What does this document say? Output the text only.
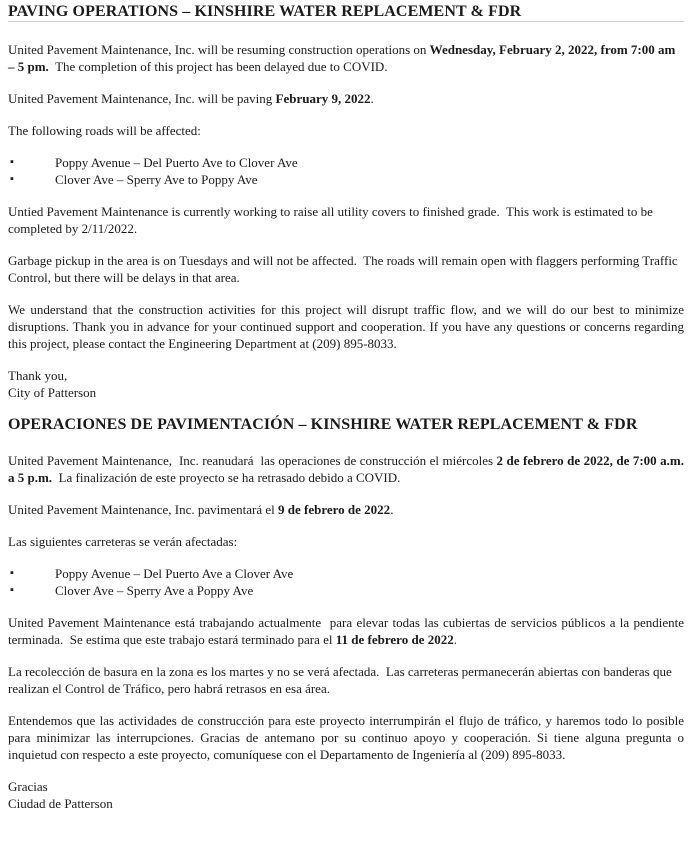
PAVING OPERATIONS – KINSHIRE WATER REPLACEMENT & FDR

United Pavement Maintenance, Inc. will be resuming construction operations on Wednesday, February 2, 2022, from 7:00 am – 5 pm.  The completion of this project has been delayed due to COVID.

United Pavement Maintenance, Inc. will be paving February 9, 2022.

The following roads will be affected:

▪	Poppy Avenue – Del Puerto Ave to Clover Ave
▪	Clover Ave – Sperry Ave to Poppy Ave

Untied Pavement Maintenance is currently working to raise all utility covers to finished grade.  This work is estimated to be completed by 2/11/2022.

Garbage pickup in the area is on Tuesdays and will not be affected.  The roads will remain open with flaggers performing Traffic Control, but there will be delays in that area.

We understand that the construction activities for this project will disrupt traffic flow, and we will do our best to minimize disruptions. Thank you in advance for your continued support and cooperation. If you have any questions or concerns regarding this project, please contact the Engineering Department at (209) 895-8033.

Thank you,
City of Patterson

OPERACIONES DE PAVIMENTACIÓN – KINSHIRE WATER REPLACEMENT & FDR

United Pavement Maintenance,  Inc. reanudará  las operaciones de construcción el miércoles 2 de febrero de 2022, de 7:00 a.m. a 5 p.m.  La finalización de este proyecto se ha retrasado debido a COVID.

United Pavement Maintenance, Inc. pavimentará el 9 de febrero de 2022.

Las siguientes carreteras se verán afectadas:

▪	Poppy Avenue – Del Puerto Ave a Clover Ave
▪	Clover Ave – Sperry Ave a Poppy Ave

United Pavement Maintenance está trabajando actualmente  para elevar todas las cubiertas de servicios públicos a la pendiente terminada.  Se estima que este trabajo estará terminado para el 11 de febrero de 2022.

La recolección de basura en la zona es los martes y no se verá afectada.  Las carreteras permanecerán abiertas con banderas que realizan el Control de Tráfico, pero habrá retrasos en esa área.

Entendemos que las actividades de construcción para este proyecto interrumpirán el flujo de tráfico, y haremos todo lo posible para minimizar las interrupciones. Gracias de antemano por su continuo apoyo y cooperación. Si tiene alguna pregunta o inquietud con respecto a este proyecto, comuníquese con el Departamento de Ingeniería al (209) 895-8033.

Gracias
Ciudad de Patterson
